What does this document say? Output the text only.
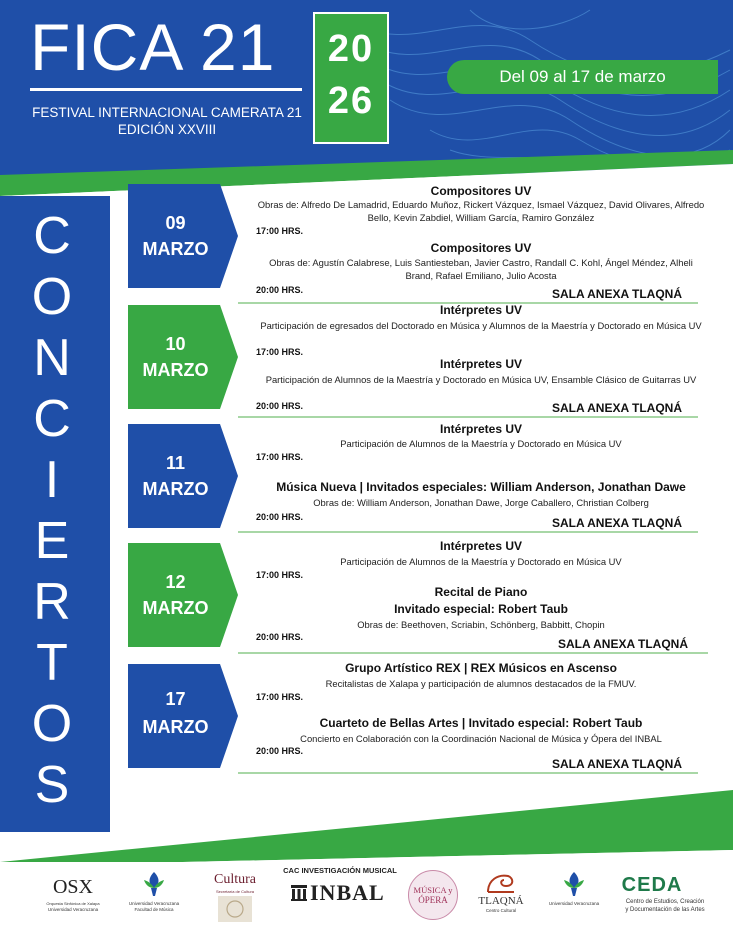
FICA 21
FESTIVAL INTERNACIONAL CAMERATA 21
EDICIÓN XXVIII
20
26
Del 09 al 17 de marzo
C
O
N
C
I
E
R
T
O
S
09
MARZO
Compositores UV
Obras de: Alfredo De Lamadrid, Eduardo Muñoz, Rickert Vázquez, Ismael Vázquez, David Olivares, Alfredo Bello, Kevin Zabdiel, William García, Ramiro González
17:00 HRS.
Compositores UV
Obras de: Agustín Calabrese, Luis Santiesteban, Javier Castro, Randall C. Kohl, Ángel Méndez, Alheli Brand, Rafael Emiliano, Julio Acosta
20:00 HRS.	SALA ANEXA TLAQNÁ
10
MARZO
Intérpretes UV
Participación de egresados del Doctorado en Música y Alumnos de la Maestría y Doctorado en Música UV
17:00 HRS.
Intérpretes UV
Participación de Alumnos de la Maestría y Doctorado en Música UV, Ensamble Clásico de Guitarras UV
20:00 HRS.	SALA ANEXA TLAQNÁ
11
MARZO
Intérpretes UV
Participación de Alumnos de la Maestría y Doctorado en Música UV
17:00 HRS.
Música Nueva | Invitados especiales: William Anderson, Jonathan Dawe
Obras de: William Anderson, Jonathan Dawe, Jorge Caballero, Christian Colberg
20:00 HRS.	SALA ANEXA TLAQNÁ
12
MARZO
Intérpretes UV
Participación de Alumnos de la Maestría y Doctorado en Música UV
17:00 HRS.
Recital de Piano
Invitado especial: Robert Taub
Obras de: Beethoven, Scriabin, Schönberg, Babbitt, Chopin
20:00 HRS.	SALA ANEXA TLAQNÁ
17
MARZO
Grupo Artístico REX | REX Músicos en Ascenso
Recitalistas de Xalapa y participación de alumnos destacados de la FMUV.
17:00 HRS.
Cuarteto de Bellas Artes | Invitado especial: Robert Taub
Concierto en Colaboración con la Coordinación Nacional de Música y Ópera del INBAL
20:00 HRS.
SALA ANEXA TLAQNÁ
OSX
Orquesta Sinfónica de Xalapa
Universidad Veracruzana
Universidad Veracruzana
Facultad de Música
Cultura
Secretaría de Cultura
CAC INVESTIGACIÓN MUSICAL
INBAL	MÚSICA y
ÓPERA	TLAQNÁ
Centro Cultural
Universidad Veracruzana
CEDA
Centro de Estudios, Creación
y Documentación de las Artes
